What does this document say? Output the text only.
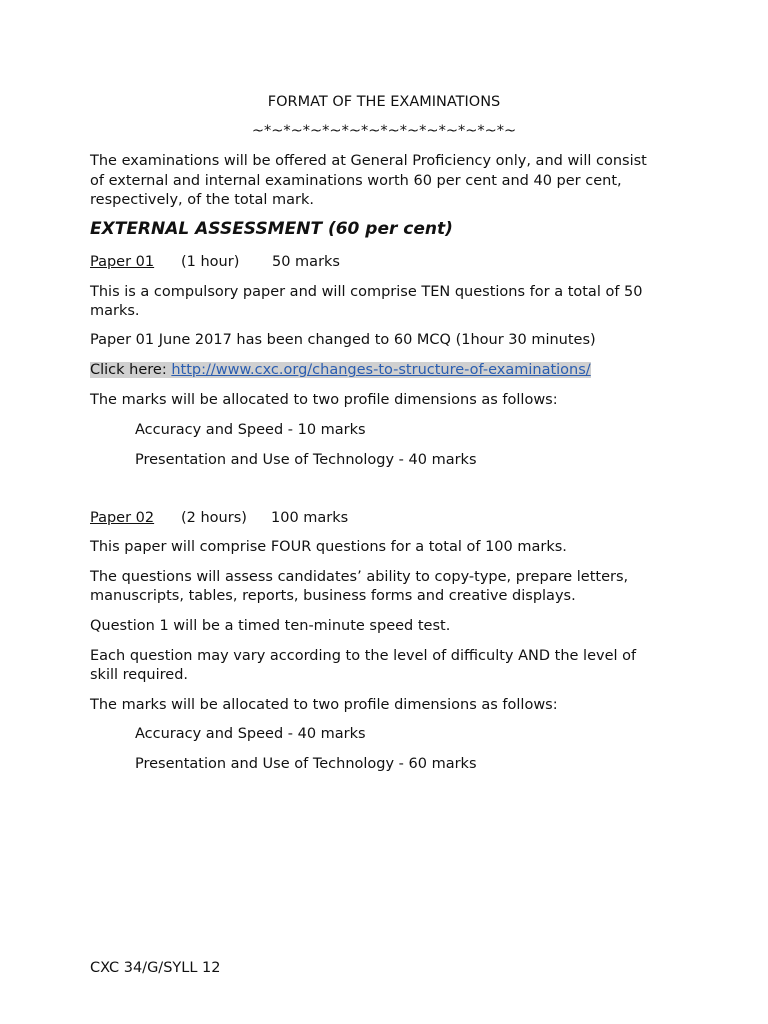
FORMAT OF THE EXAMINATIONS
~*~*~*~*~*~*~*~*~*~*~*~*~*~
The examinations will be offered at General Proficiency only, and will consist
of external and internal examinations worth 60 per cent and 40 per cent,
respectively, of the total mark.
EXTERNAL ASSESSMENT (60 per cent)
Paper 01 (1 hour) 50 marks
This is a compulsory paper and will comprise TEN questions for a total of 50
marks.
Paper 01 June 2017 has been changed to 60 MCQ (1hour 30 minutes)
Click here: http://www.cxc.org/changes-to-structure-of-examinations/
The marks will be allocated to two profile dimensions as follows:
Accuracy and Speed - 10 marks
Presentation and Use of Technology - 40 marks
Paper 02 (2 hours) 100 marks
This paper will comprise FOUR questions for a total of 100 marks.
The questions will assess candidates’ ability to copy-type, prepare letters,
manuscripts, tables, reports, business forms and creative displays.
Question 1 will be a timed ten-minute speed test.
Each question may vary according to the level of difficulty AND the level of
skill required.
The marks will be allocated to two profile dimensions as follows:
Accuracy and Speed - 40 marks
Presentation and Use of Technology - 60 marks
CXC 34/G/SYLL 12
